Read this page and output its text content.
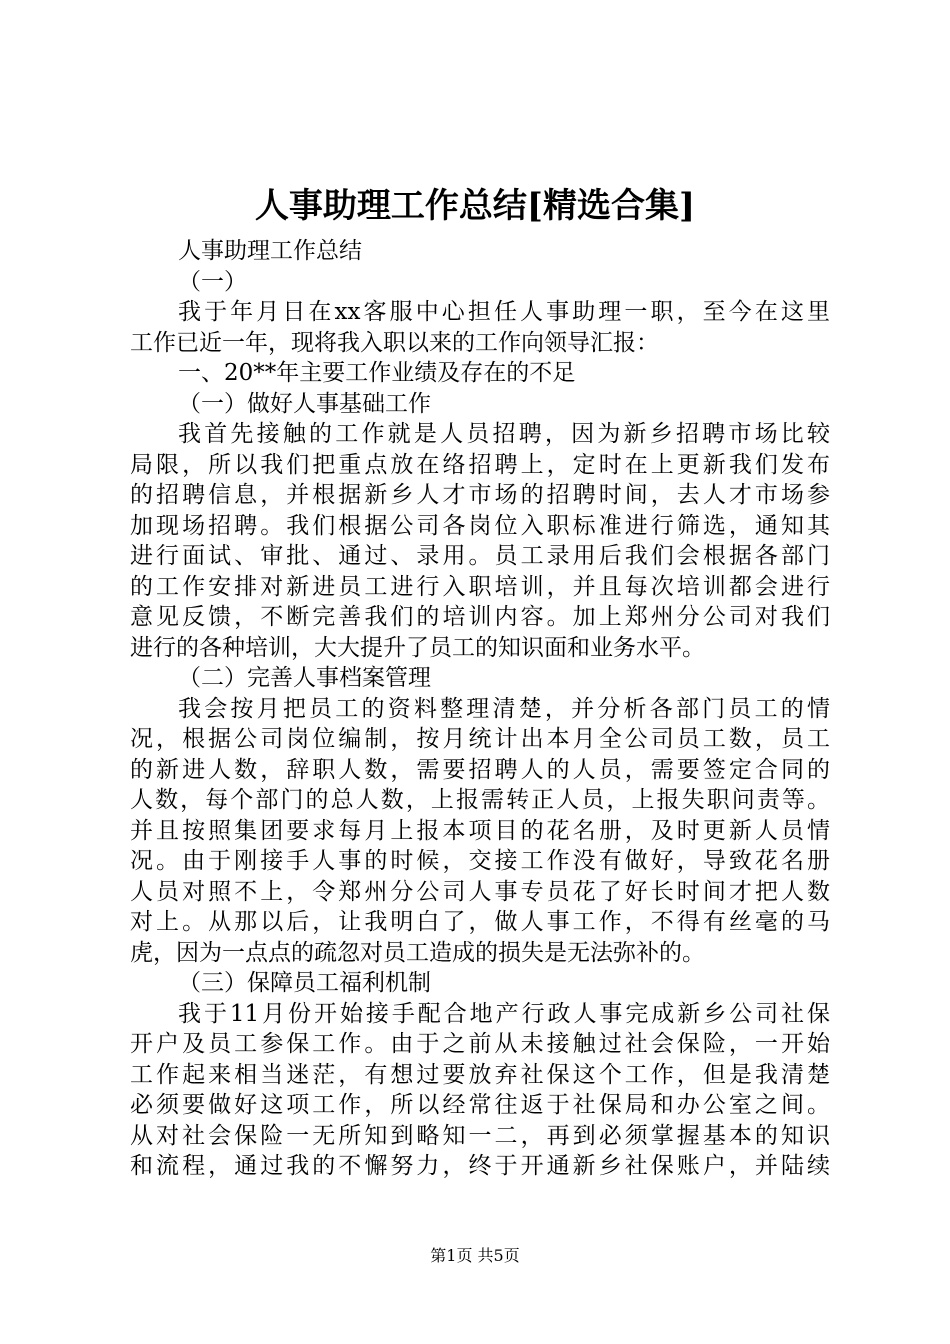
人事助理工作总结[精选合集]
人事助理工作总结
（一）
我于年月日在xx客服中心担任人事助理一职，至今在这里
工作已近一年，现将我入职以来的工作向领导汇报：
一、20**年主要工作业绩及存在的不足
（一）做好人事基础工作
我首先接触的工作就是人员招聘，因为新乡招聘市场比较
局限，所以我们把重点放在络招聘上，定时在上更新我们发布
的招聘信息，并根据新乡人才市场的招聘时间，去人才市场参
加现场招聘。我们根据公司各岗位入职标准进行筛选，通知其
进行面试、审批、通过、录用。员工录用后我们会根据各部门
的工作安排对新进员工进行入职培训，并且每次培训都会进行
意见反馈，不断完善我们的培训内容。加上郑州分公司对我们
进行的各种培训，大大提升了员工的知识面和业务水平。
（二）完善人事档案管理
我会按月把员工的资料整理清楚，并分析各部门员工的情
况，根据公司岗位编制，按月统计出本月全公司员工数，员工
的新进人数，辞职人数，需要招聘人的人员，需要签定合同的
人数，每个部门的总人数，上报需转正人员，上报失职问责等。
并且按照集团要求每月上报本项目的花名册，及时更新人员情
况。由于刚接手人事的时候，交接工作没有做好，导致花名册
人员对照不上，令郑州分公司人事专员花了好长时间才把人数
对上。从那以后，让我明白了，做人事工作，不得有丝毫的马
虎，因为一点点的疏忽对员工造成的损失是无法弥补的。
（三）保障员工福利机制
我于11月份开始接手配合地产行政人事完成新乡公司社保
开户及员工参保工作。由于之前从未接触过社会保险，一开始
工作起来相当迷茫，有想过要放弃社保这个工作，但是我清楚
必须要做好这项工作，所以经常往返于社保局和办公室之间。
从对社会保险一无所知到略知一二，再到必须掌握基本的知识
和流程，通过我的不懈努力，终于开通新乡社保账户，并陆续
第1页 共5页
